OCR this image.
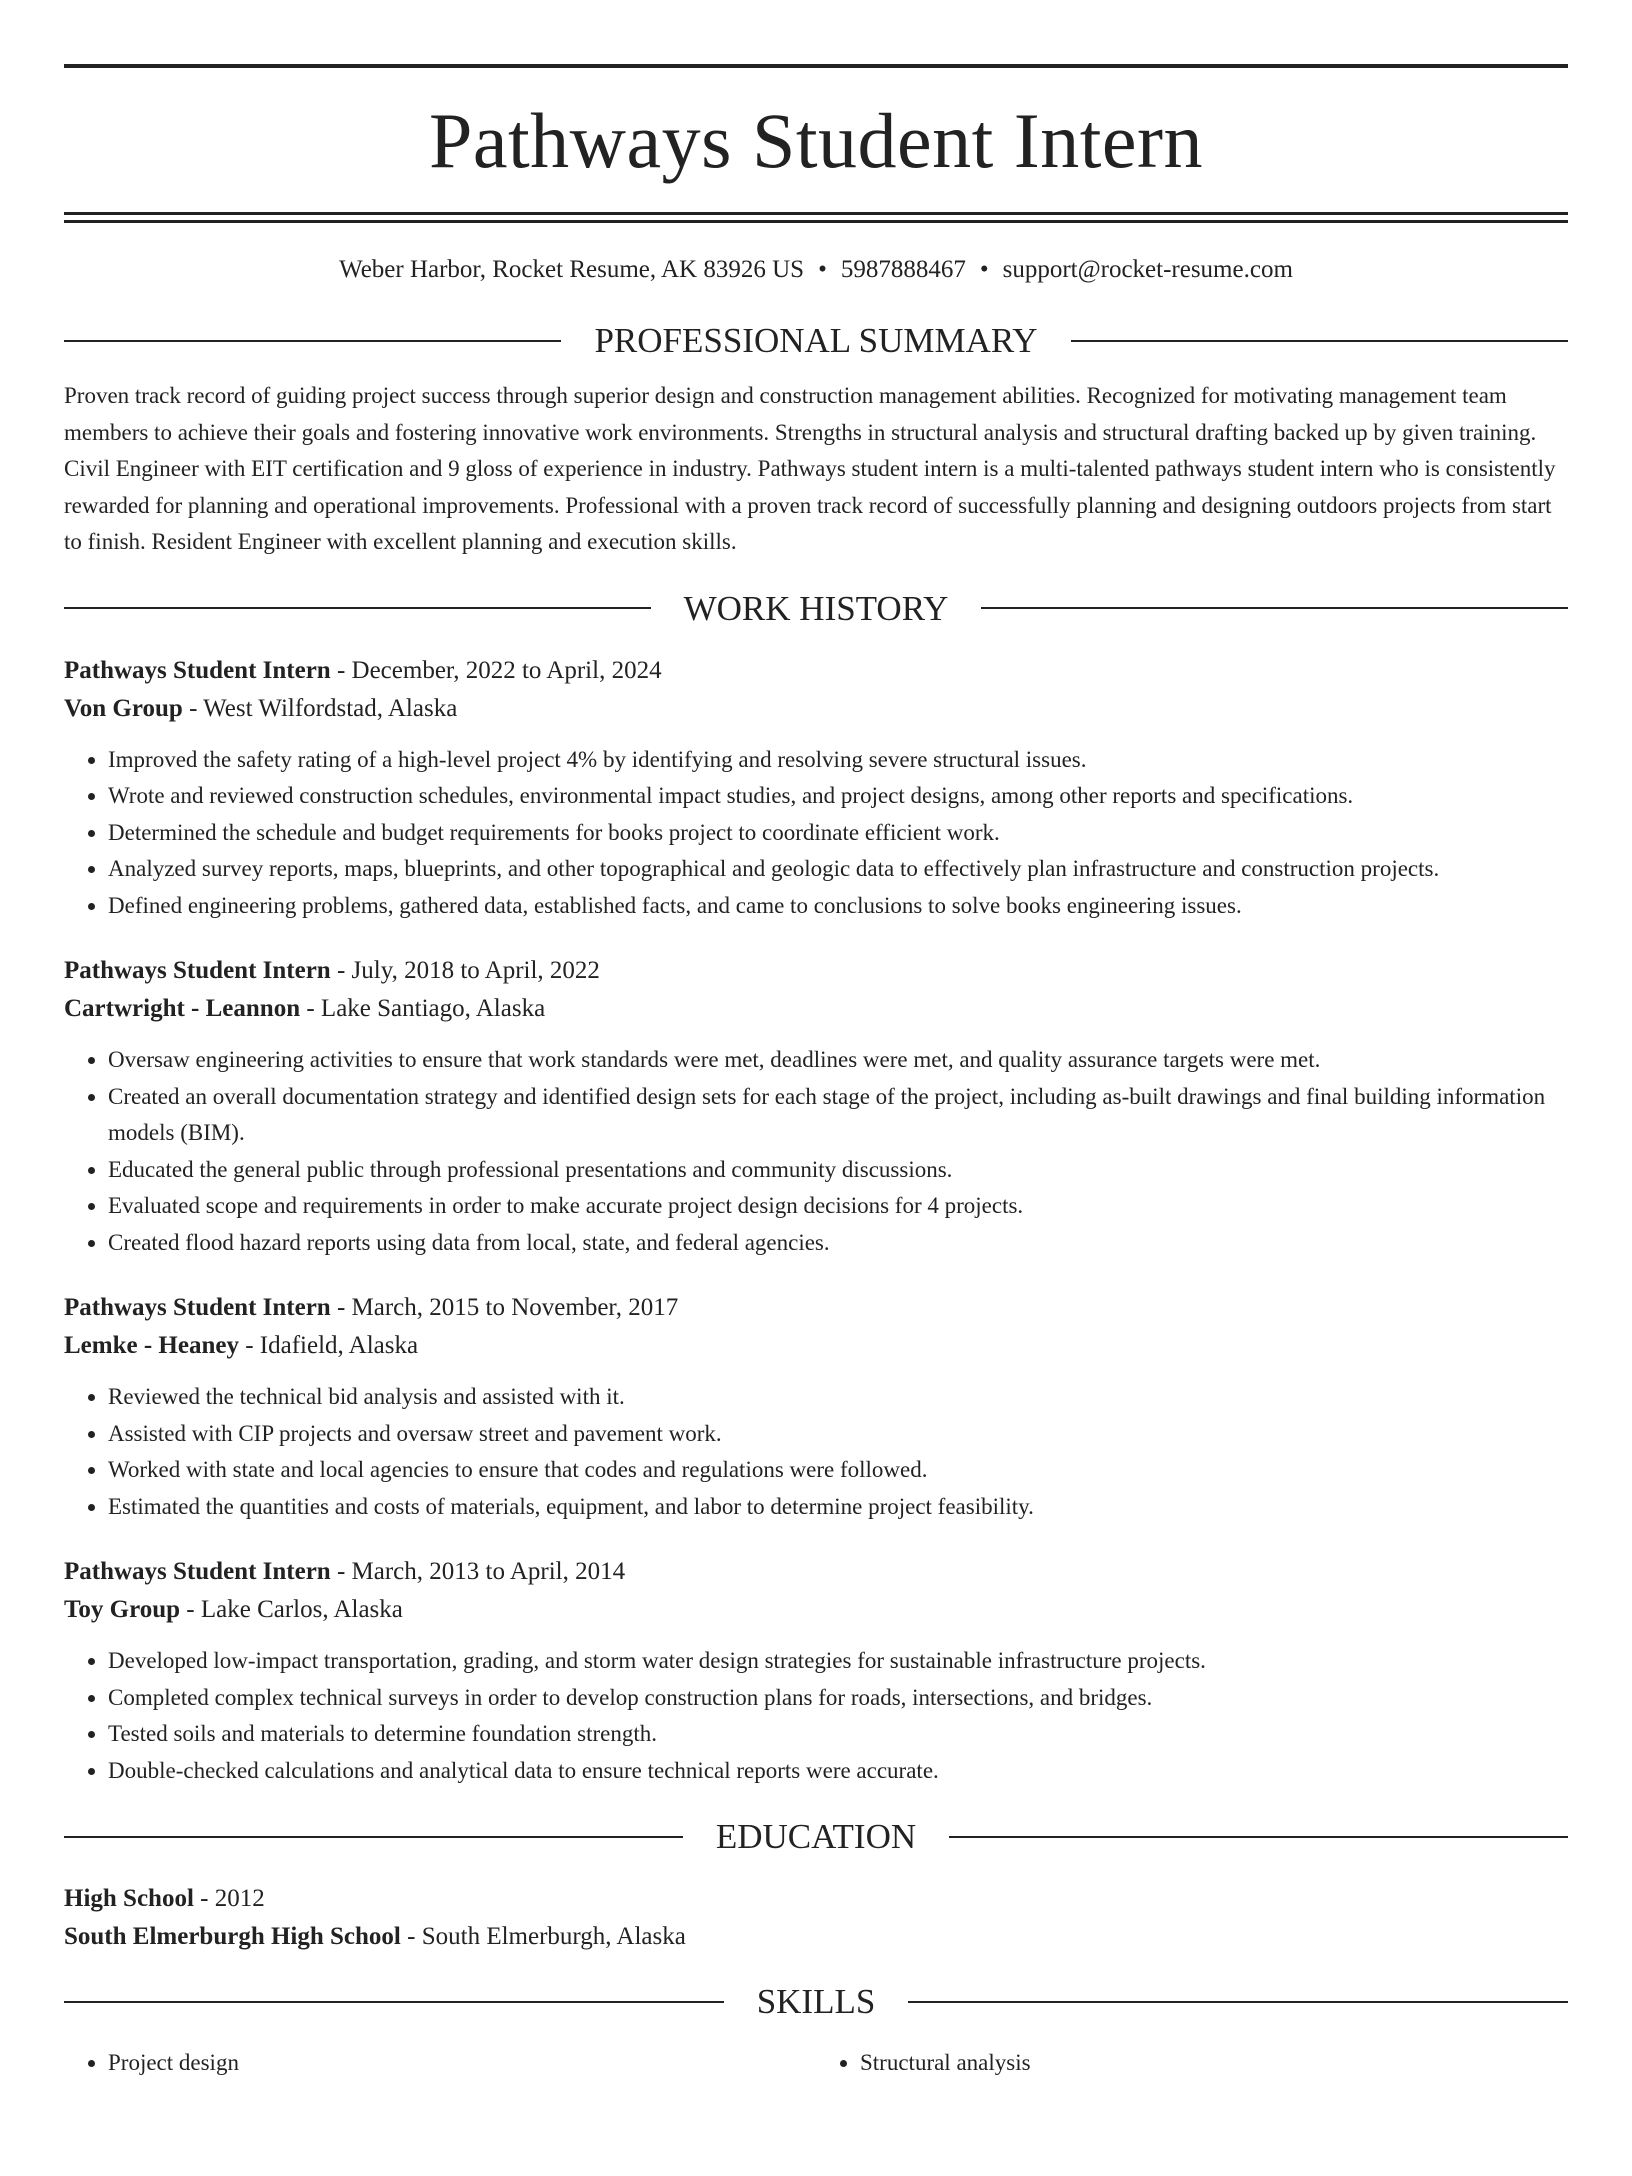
Pathways Student Intern
Weber Harbor, Rocket Resume, AK 83926 US • 5987888467 • support@rocket-resume.com
PROFESSIONAL SUMMARY

Proven track record of guiding project success through superior design and construction management abilities. Recognized for motivating management team members to achieve their goals and fostering innovative work environments. Strengths in structural analysis and structural drafting backed up by given training. Civil Engineer with EIT certification and 9 gloss of experience in industry. Pathways student intern is a multi-talented pathways student intern who is consistently rewarded for planning and operational improvements. Professional with a proven track record of successfully planning and designing outdoors projects from start to finish. Resident Engineer with excellent planning and execution skills.

WORK HISTORY
Pathways Student Intern - December, 2022 to April, 2024
Von Group - West Wilfordstad, Alaska
• Improved the safety rating of a high-level project 4% by identifying and resolving severe structural issues.
• Wrote and reviewed construction schedules, environmental impact studies, and project designs, among other reports and specifications.
• Determined the schedule and budget requirements for books project to coordinate efficient work.
• Analyzed survey reports, maps, blueprints, and other topographical and geologic data to effectively plan infrastructure and construction projects.
• Defined engineering problems, gathered data, established facts, and came to conclusions to solve books engineering issues.
Pathways Student Intern - July, 2018 to April, 2022
Cartwright - Leannon - Lake Santiago, Alaska
• Oversaw engineering activities to ensure that work standards were met, deadlines were met, and quality assurance targets were met.
• Created an overall documentation strategy and identified design sets for each stage of the project, including as-built drawings and final building information models (BIM).
• Educated the general public through professional presentations and community discussions.
• Evaluated scope and requirements in order to make accurate project design decisions for 4 projects.
• Created flood hazard reports using data from local, state, and federal agencies.
Pathways Student Intern - March, 2015 to November, 2017
Lemke - Heaney - Idafield, Alaska
• Reviewed the technical bid analysis and assisted with it.
• Assisted with CIP projects and oversaw street and pavement work.
• Worked with state and local agencies to ensure that codes and regulations were followed.
• Estimated the quantities and costs of materials, equipment, and labor to determine project feasibility.
Pathways Student Intern - March, 2013 to April, 2014
Toy Group - Lake Carlos, Alaska
• Developed low-impact transportation, grading, and storm water design strategies for sustainable infrastructure projects.
• Completed complex technical surveys in order to develop construction plans for roads, intersections, and bridges.
• Tested soils and materials to determine foundation strength.
• Double-checked calculations and analytical data to ensure technical reports were accurate.
EDUCATION
High School - 2012
South Elmerburgh High School - South Elmerburgh, Alaska
SKILLS
• Project design
•	Structural analysis
